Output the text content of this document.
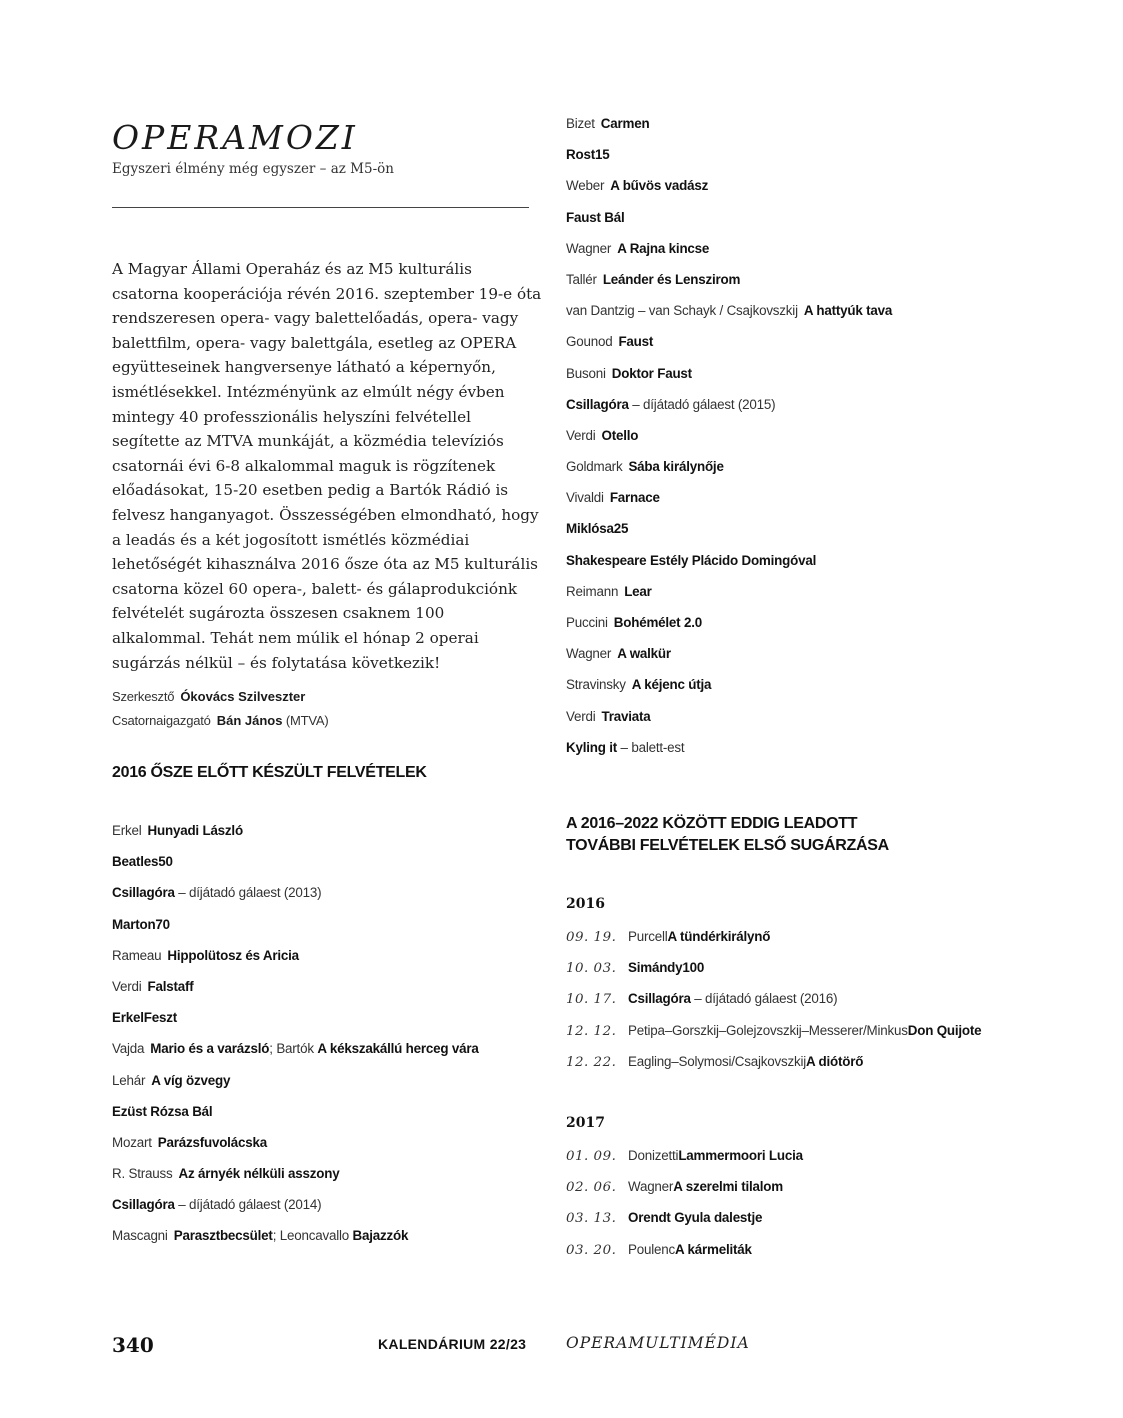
OPERAMOZI
Egyszeri élmény még egyszer – az M5-ön

A Magyar Állami Operaház és az M5 kulturális csatorna kooperációja révén 2016. szeptember 19-e óta rendszeresen opera- vagy balettelőadás, opera- vagy balettfilm, opera- vagy balettgála, esetleg az OPERA együtteseinek hangversenye látható a képernyőn, ismétlésekkel. Intézményünk az elmúlt négy évben mintegy 40 professzionális helyszíni felvétellel segítette az MTVA munkáját, a közmédia televíziós csatornái évi 6-8 alkalommal maguk is rögzítenek előadásokat, 15-20 esetben pedig a Bartók Rádió is felvesz hanganyagot. Összességében elmondható, hogy a leadás és a két jogosított ismétlés közmédiai lehetőségét kihasználva 2016 ősze óta az M5 kulturális csatorna közel 60 opera-, balett- és gálaprodukciónk felvételét sugározta összesen csaknem 100 alkalommal. Tehát nem múlik el hónap 2 operai sugárzás nélkül – és folytatása következik!

Szerkesztő Ókovács Szilveszter
Csatornaigazgató Bán János (MTVA)
2016 ŐSZE ELŐTT KÉSZÜLT FELVÉTELEK
Erkel Hunyadi László
Beatles50
Csillagóra – díjátadó gálaest (2013)
Marton70
Rameau Hippolütosz és Aricia
Verdi Falstaff
ErkelFeszt
Vajda Mario és a varázsló; Bartók A kékszakállú herceg vára
Lehár A víg özvegy
Ezüst Rózsa Bál
Mozart Parázsfuvolácska
R. Strauss Az árnyék nélküli asszony
Csillagóra – díjátadó gálaest (2014)
Mascagni Parasztbecsület; Leoncavallo Bajazzók
Bizet Carmen
Rost15
Weber A bűvös vadász
Faust Bál
Wagner A Rajna kincse
Tallér Leánder és Lenszirom
van Dantzig – van Schayk / Csajkovszkij A hattyúk tava
Gounod Faust
Busoni Doktor Faust
Csillagóra – díjátadó gálaest (2015)
Verdi Otello
Goldmark Sába királynője
Vivaldi Farnace
Miklósa25
Shakespeare Estély Plácido Domingóval
Reimann Lear
Puccini Bohémélet 2.0
Wagner A walkür
Stravinsky A kéjenc útja
Verdi Traviata
Kyling it – balett-est
A 2016–2022 KÖZÖTT EDDIG LEADOTT
TOVÁBBI FELVÉTELEK ELSŐ SUGÁRZÁSA
2016
09. 19. PurcellA tündérkirálynő
10. 03. Simándy100
10. 17. Csillagóra – díjátadó gálaest (2016)
12. 12. Petipa–Gorszkij–Golejzovszkij–Messerer/MinkusDon Quijote
12. 22. Eagling–Solymosi/CsajkovszkijA diótörő
2017
01. 09. DonizettiLammermoori Lucia
02. 06. WagnerA szerelmi tilalom
03. 13. Orendt Gyula dalestje
03. 20. PoulencA kármeliták
340	KALENDÁRIUM 22/23	OPERAMULTIMÉDIA
